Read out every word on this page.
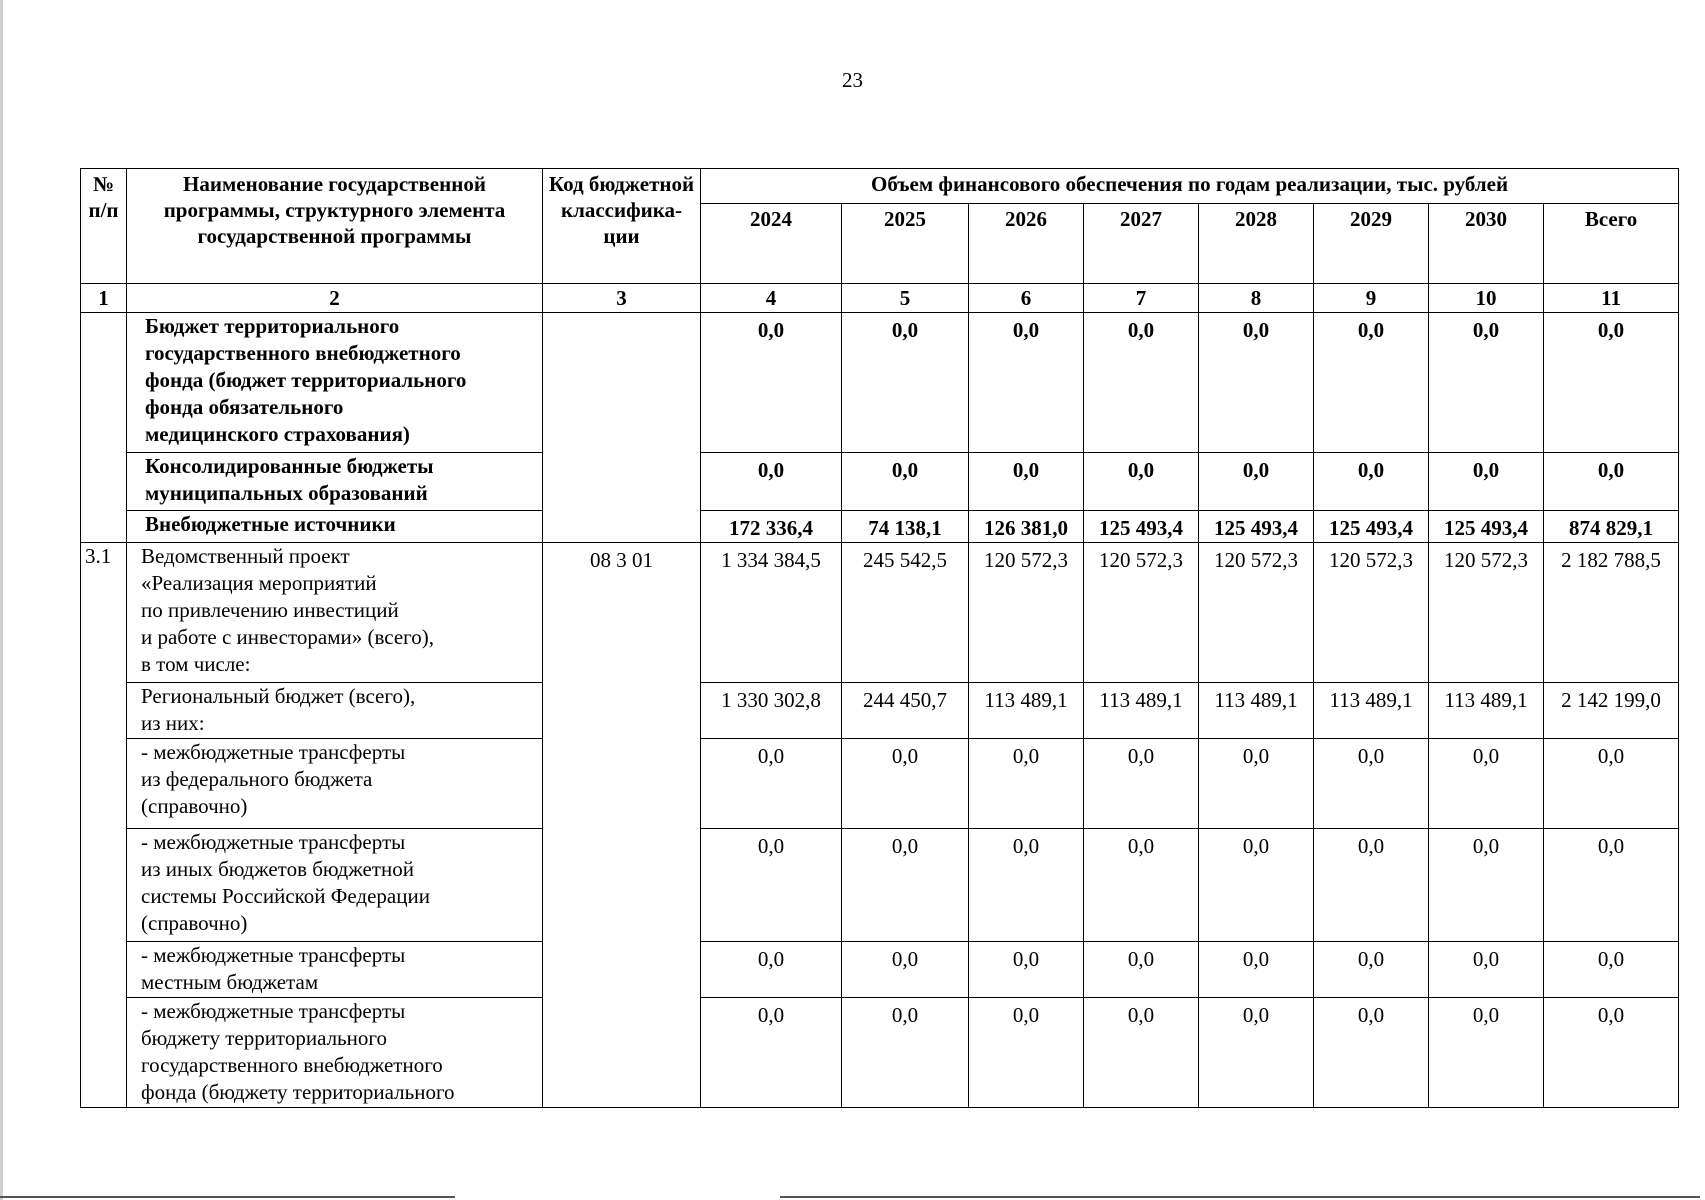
23
№
п/п	Наименование государственной программы, структурного элемента государственной программы	Код бюджетной классифика-ции	Объем финансового обеспечения по годам реализации, тыс. рублей							
			2024	2025	2026	2027	2028	2029	2030	Всего
1	2	3	4	5	6	7	8	9	10	11

	Бюджет территориального
государственного внебюджетного
фонда (бюджет территориального
фонда обязательного
медицинского страхования)		0,0	0,0	0,0	0,0	0,0	0,0	0,0	0,0

	Консолидированные бюджеты
муниципальных образований		0,0	0,0	0,0	0,0	0,0	0,0	0,0	0,0

	Внебюджетные источники		172 336,4	74 138,1	126 381,0	125 493,4	125 493,4	125 493,4	125 493,4	874 829,1
3.1	Ведомственный проект
«Реализация мероприятий
по привлечению инвестиций
и работе с инвесторами» (всего),
в том числе:	08 3 01	1 334 384,5	245 542,5	120 572,3	120 572,3	120 572,3	120 572,3	120 572,3	2 182 788,5

	Региональный бюджет (всего),
из них:		1 330 302,8	244 450,7	113 489,1	113 489,1	113 489,1	113 489,1	113 489,1	2 142 199,0

	- межбюджетные трансферты
из федерального бюджета
(справочно)		0,0	0,0	0,0	0,0	0,0	0,0	0,0	0,0

	- межбюджетные трансферты
из иных бюджетов бюджетной
системы Российской Федерации
(справочно)		0,0	0,0	0,0	0,0	0,0	0,0	0,0	0,0

	- межбюджетные трансферты
местным бюджетам		0,0	0,0	0,0	0,0	0,0	0,0	0,0	0,0

	- межбюджетные трансферты
бюджету территориального
государственного внебюджетного
фонда (бюджету территориального		0,0	0,0	0,0	0,0	0,0	0,0	0,0	0,0
